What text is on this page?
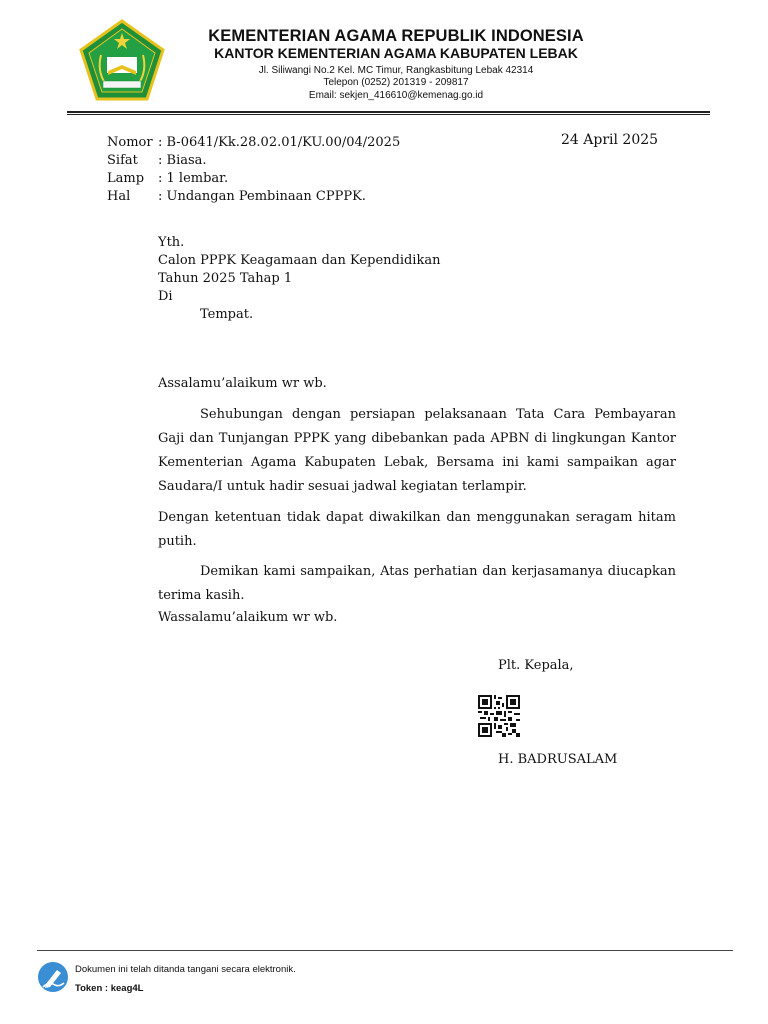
KEMENTERIAN AGAMA REPUBLIK INDONESIA
KANTOR KEMENTERIAN AGAMA KABUPATEN LEBAK
Jl. Siliwangi No.2 Kel. MC Timur, Rangkasbitung Lebak 42314
Telepon (0252) 201319 - 209817
Email: sekjen_416610@kemenag.go.id
24 April 2025
Nomor : B-0641/Kk.28.02.01/KU.00/04/2025
Sifat : Biasa.
Lamp : 1 lembar.
Hal : Undangan Pembinaan CPPPK.
Yth.
Calon PPPK Keagamaan dan Kependidikan
Tahun 2025 Tahap 1
Di
Tempat.
Assalamu’alaikum wr wb.
Sehubungan dengan persiapan pelaksanaan Tata Cara Pembayaran Gaji dan Tunjangan PPPK yang dibebankan pada APBN di lingkungan Kantor Kementerian Agama Kabupaten Lebak, Bersama ini kami sampaikan agar Saudara/I untuk hadir sesuai jadwal kegiatan terlampir.
Dengan ketentuan tidak dapat diwakilkan dan menggunakan seragam hitam putih.
Demikan kami sampaikan, Atas perhatian dan kerjasamanya diucapkan terima kasih.
Wassalamu’alaikum wr wb.
Plt. Kepala,
H. BADRUSALAM
Dokumen ini telah ditanda tangani secara elektronik.
Token : keag4L
